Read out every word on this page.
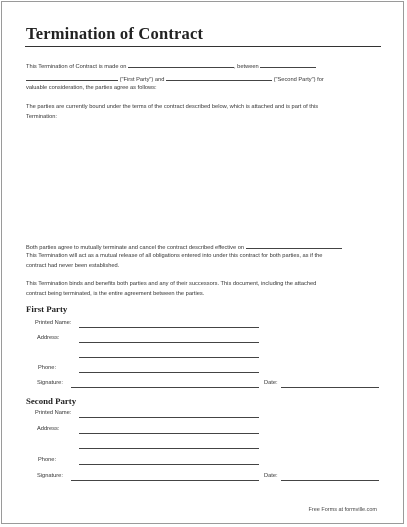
Termination of Contract
This Termination of Contract is made on	, between
("First Party") and	("Second Party") for
valuable consideration, the parties agree as follows:
The parties are currently bound under the terms of the contract described below, which is attached and is part of this
Termination:
Both parties agree to mutually terminate and cancel the contract described effective on
This Termination will act as a mutual release of all obligations entered into under this contract for both parties, as if the
contract had never been established.
This Termination binds and benefits both parties and any of their successors. This document, including the attached
contract being terminated, is the entire agreement between the parties.
First Party
Printed Name:
Address:
Phone:
Signature:	Date:
Second Party
Printed Name:
Address:
Phone:
Signature:	Date:
Free Forms at formville.com
